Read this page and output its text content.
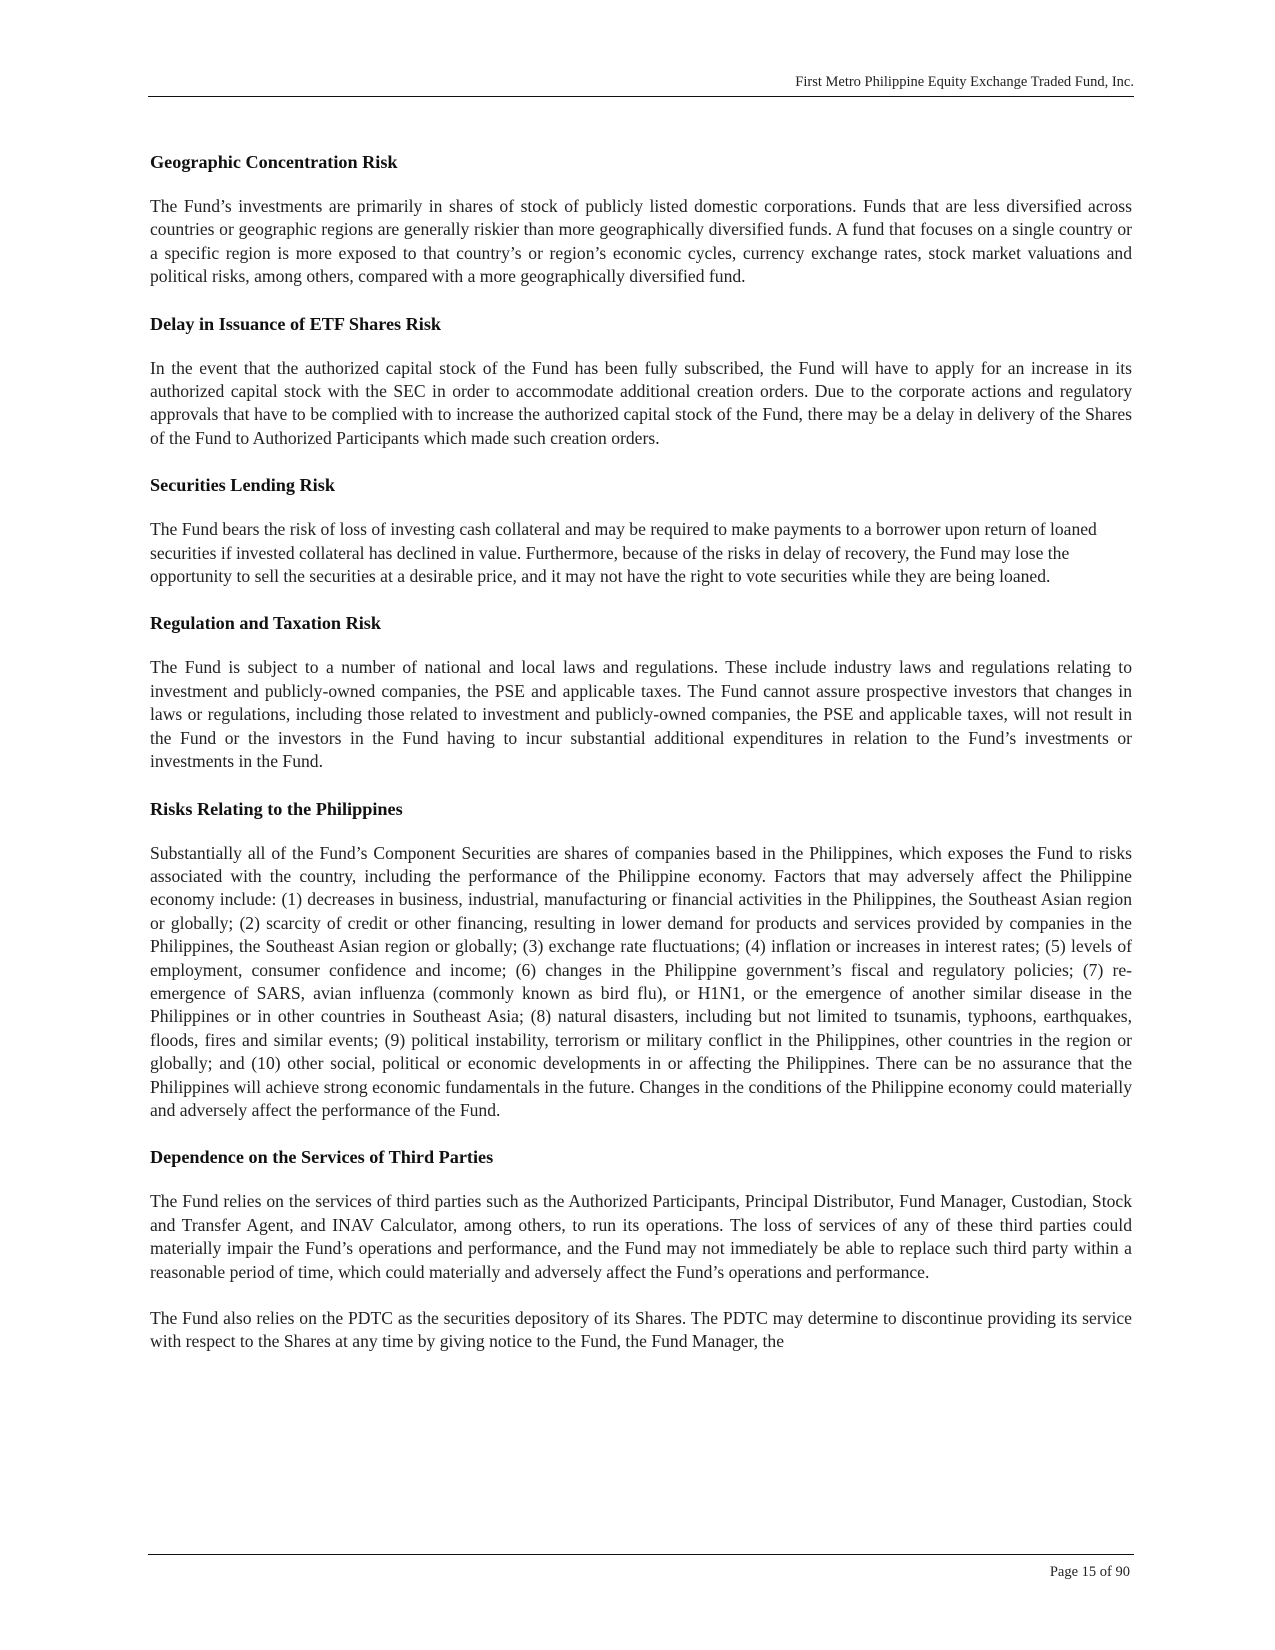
First Metro Philippine Equity Exchange Traded Fund, Inc.
Geographic Concentration Risk

The Fund’s investments are primarily in shares of stock of publicly listed domestic corporations. Funds that are less diversified across countries or geographic regions are generally riskier than more geographically diversified funds. A fund that focuses on a single country or a specific region is more exposed to that country’s or region’s economic cycles, currency exchange rates, stock market valuations and political risks, among others, compared with a more geographically diversified fund.

Delay in Issuance of ETF Shares Risk

In the event that the authorized capital stock of the Fund has been fully subscribed, the Fund will have to apply for an increase in its authorized capital stock with the SEC in order to accommodate additional creation orders. Due to the corporate actions and regulatory approvals that have to be complied with to increase the authorized capital stock of the Fund, there may be a delay in delivery of the Shares of the Fund to Authorized Participants which made such creation orders.

Securities Lending Risk

The Fund bears the risk of loss of investing cash collateral and may be required to make payments to a borrower upon return of loaned securities if invested collateral has declined in value. Furthermore, because of the risks in delay of recovery, the Fund may lose the opportunity to sell the securities at a desirable price, and it may not have the right to vote securities while they are being loaned.

Regulation and Taxation Risk

The Fund is subject to a number of national and local laws and regulations. These include industry laws and regulations relating to investment and publicly-owned companies, the PSE and applicable taxes. The Fund cannot assure prospective investors that changes in laws or regulations, including those related to investment and publicly-owned companies, the PSE and applicable taxes, will not result in the Fund or the investors in the Fund having to incur substantial additional expenditures in relation to the Fund’s investments or investments in the Fund.

Risks Relating to the Philippines

Substantially all of the Fund’s Component Securities are shares of companies based in the Philippines, which exposes the Fund to risks associated with the country, including the performance of the Philippine economy. Factors that may adversely affect the Philippine economy include: (1) decreases in business, industrial, manufacturing or financial activities in the Philippines, the Southeast Asian region or globally; (2) scarcity of credit or other financing, resulting in lower demand for products and services provided by companies in the Philippines, the Southeast Asian region or globally; (3) exchange rate fluctuations; (4) inflation or increases in interest rates; (5) levels of employment, consumer confidence and income; (6) changes in the Philippine government’s fiscal and regulatory policies; (7) re-emergence of SARS, avian influenza (commonly known as bird flu), or H1N1, or the emergence of another similar disease in the Philippines or in other countries in Southeast Asia; (8) natural disasters, including but not limited to tsunamis, typhoons, earthquakes, floods, fires and similar events; (9) political instability, terrorism or military conflict in the Philippines, other countries in the region or globally; and (10) other social, political or economic developments in or affecting the Philippines. There can be no assurance that the Philippines will achieve strong economic fundamentals in the future. Changes in the conditions of the Philippine economy could materially and adversely affect the performance of the Fund.

Dependence on the Services of Third Parties

The Fund relies on the services of third parties such as the Authorized Participants, Principal Distributor, Fund Manager, Custodian, Stock and Transfer Agent, and INAV Calculator, among others, to run its operations. The loss of services of any of these third parties could materially impair the Fund’s operations and performance, and the Fund may not immediately be able to replace such third party within a reasonable period of time, which could materially and adversely affect the Fund’s operations and performance.

The Fund also relies on the PDTC as the securities depository of its Shares. The PDTC may determine to discontinue providing its service with respect to the Shares at any time by giving notice to the Fund, the Fund Manager, the

Page 15 of 90
